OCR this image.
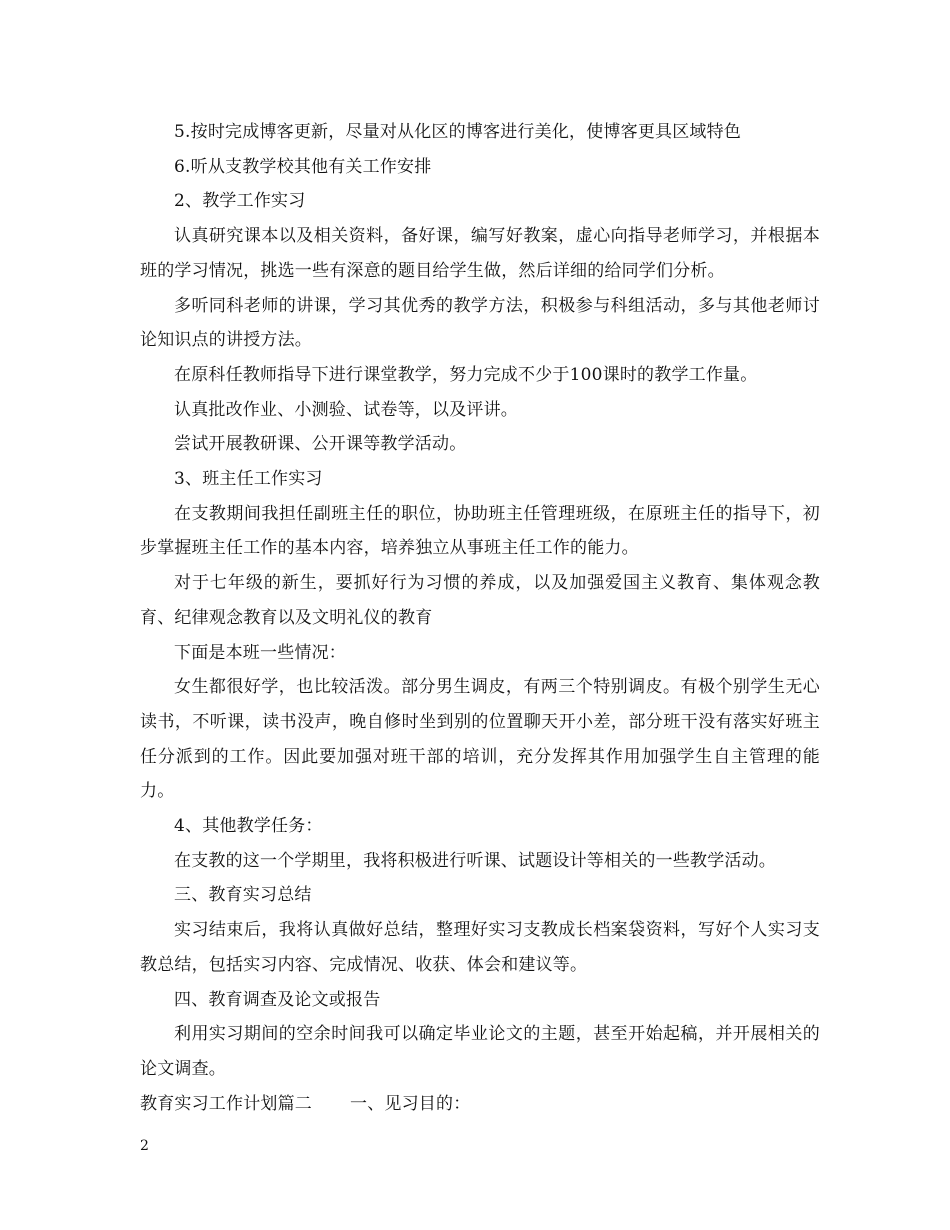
5.按时完成博客更新，尽量对从化区的博客进行美化，使博客更具区域特色

6.听从支教学校其他有关工作安排

2、教学工作实习

认真研究课本以及相关资料，备好课，编写好教案，虚心向指导老师学习，并根据本班的学习情况，挑选一些有深意的题目给学生做，然后详细的给同学们分析。

多听同科老师的讲课，学习其优秀的教学方法，积极参与科组活动，多与其他老师讨论知识点的讲授方法。

在原科任教师指导下进行课堂教学，努力完成不少于100课时的教学工作量。

认真批改作业、小测验、试卷等，以及评讲。

尝试开展教研课、公开课等教学活动。

3、班主任工作实习

在支教期间我担任副班主任的职位，协助班主任管理班级，在原班主任的指导下，初步掌握班主任工作的基本内容，培养独立从事班主任工作的能力。

对于七年级的新生，要抓好行为习惯的养成，以及加强爱国主义教育、集体观念教育、纪律观念教育以及文明礼仪的教育

下面是本班一些情况：

女生都很好学，也比较活泼。部分男生调皮，有两三个特别调皮。有极个别学生无心读书，不听课，读书没声，晚自修时坐到别的位置聊天开小差，部分班干没有落实好班主任分派到的工作。因此要加强对班干部的培训，充分发挥其作用加强学生自主管理的能力。

4、其他教学任务：

在支教的这一个学期里，我将积极进行听课、试题设计等相关的一些教学活动。

三、教育实习总结

实习结束后，我将认真做好总结，整理好实习支教成长档案袋资料，写好个人实习支教总结，包括实习内容、完成情况、收获、体会和建议等。

四、教育调查及论文或报告

利用实习期间的空余时间我可以确定毕业论文的主题，甚至开始起稿，并开展相关的论文调查。

教育实习工作计划篇二 一、见习目的：

2
